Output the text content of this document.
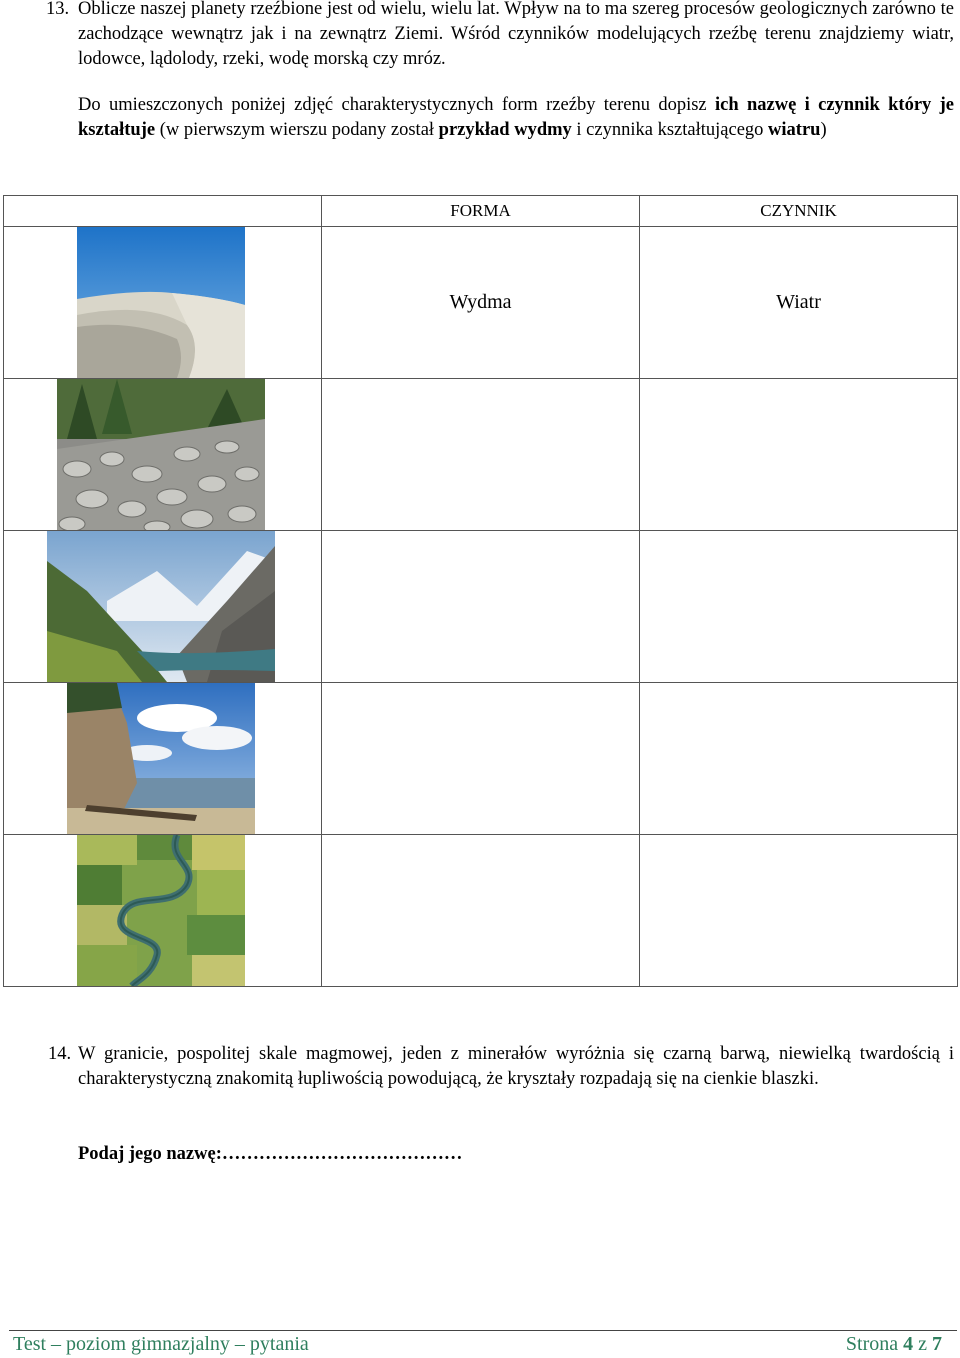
13. Oblicze naszej planety rzeźbione jest od wielu, wielu lat. Wpływ na to ma szereg procesów geologicznych zarówno te zachodzące wewnątrz jak i na zewnątrz Ziemi. Wśród czynników modelujących rzeźbę terenu znajdziemy wiatr, lodowce, lądolody, rzeki, wodę morską czy mróz.
Do umieszczonych poniżej zdjęć charakterystycznych form rzeźby terenu dopisz ich nazwę i czynnik który je kształtuje (w pierwszym wierszu podany został przykład wydmy i czynnika kształtującego wiatru)
	FORMA	CZYNNIK
	Wydma	Wiatr

14. W granicie, pospolitej skale magmowej, jeden z minerałów wyróżnia się czarną barwą, niewielką twardością i charakterystyczną znakomitą łupliwością powodującą, że kryształy rozpadają się na cienkie blaszki.
Podaj jego nazwę:…………………………………
Test – poziom gimnazjalny – pytania	Strona 4 z 7
